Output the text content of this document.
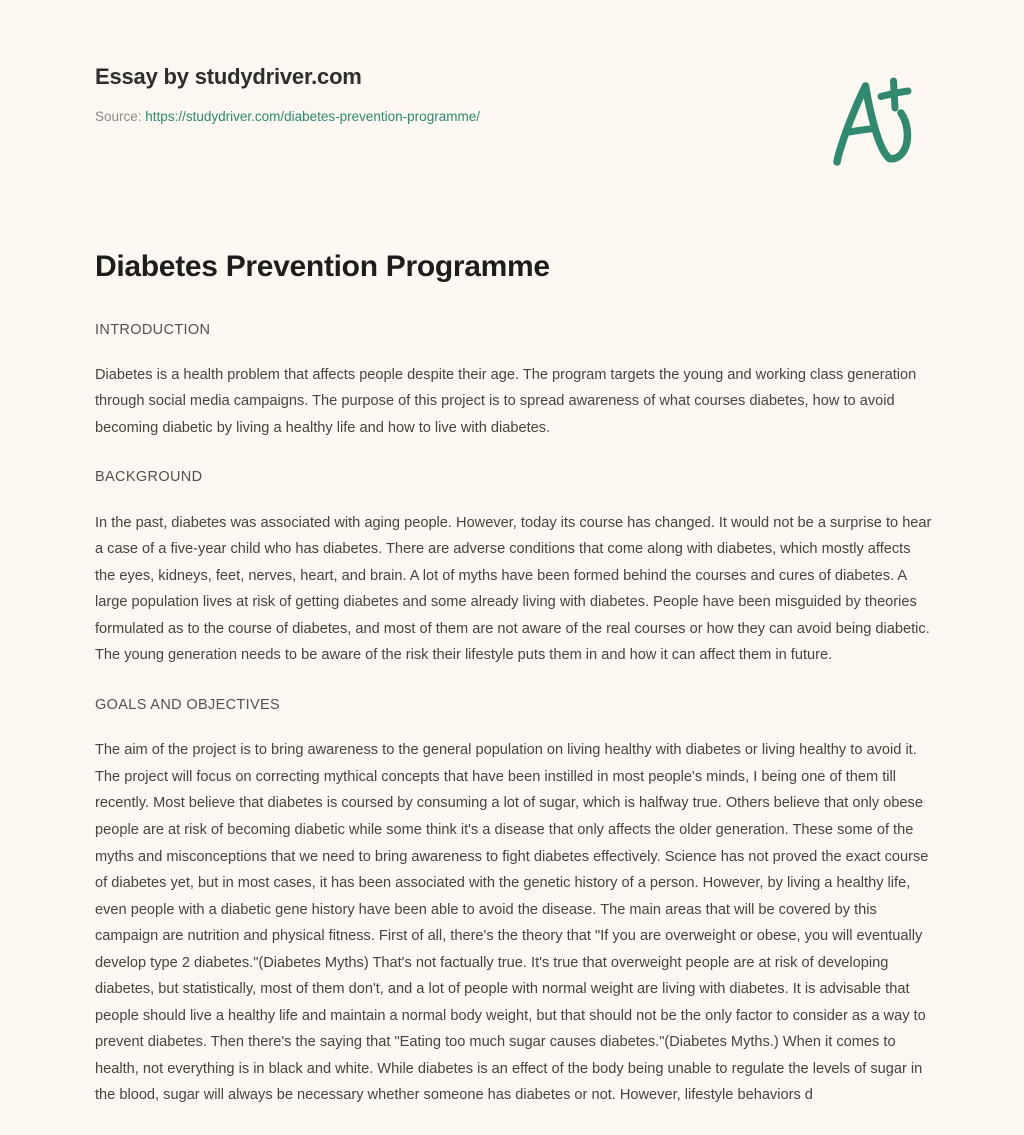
Essay by studydriver.com
Source: https://studydriver.com/diabetes-prevention-programme/
Diabetes Prevention Programme
INTRODUCTION

Diabetes is a health problem that affects people despite their age. The program targets the young and working class generation through social media campaigns. The purpose of this project is to spread awareness of what courses diabetes, how to avoid becoming diabetic by living a healthy life and how to live with diabetes.

BACKGROUND

In the past, diabetes was associated with aging people. However, today its course has changed. It would not be a surprise to hear a case of a five-year child who has diabetes. There are adverse conditions that come along with diabetes, which mostly affects the eyes, kidneys, feet, nerves, heart, and brain. A lot of myths have been formed behind the courses and cures of diabetes. A large population lives at risk of getting diabetes and some already living with diabetes. People have been misguided by theories formulated as to the course of diabetes, and most of them are not aware of the real courses or how they can avoid being diabetic. The young generation needs to be aware of the risk their lifestyle puts them in and how it can affect them in future.

GOALS AND OBJECTIVES

The aim of the project is to bring awareness to the general population on living healthy with diabetes or living healthy to avoid it. The project will focus on correcting mythical concepts that have been instilled in most people's minds, I being one of them till recently. Most believe that diabetes is coursed by consuming a lot of sugar, which is halfway true. Others believe that only obese people are at risk of becoming diabetic while some think it's a disease that only affects the older generation. These some of the myths and misconceptions that we need to bring awareness to fight diabetes effectively. Science has not proved the exact course of diabetes yet, but in most cases, it has been associated with the genetic history of a person. However, by living a healthy life, even people with a diabetic gene history have been able to avoid the disease. The main areas that will be covered by this campaign are nutrition and physical fitness. First of all, there's the theory that "If you are overweight or obese, you will eventually develop type 2 diabetes."(Diabetes Myths) That's not factually true. It's true that overweight people are at risk of developing diabetes, but statistically, most of them don't, and a lot of people with normal weight are living with diabetes. It is advisable that people should live a healthy life and maintain a normal body weight, but that should not be the only factor to consider as a way to prevent diabetes. Then there's the saying that "Eating too much sugar causes diabetes."(Diabetes Myths.) When it comes to health, not everything is in black and white. While diabetes is an effect of the body being unable to regulate the levels of sugar in the blood, sugar will always be necessary whether someone has diabetes or not. However, lifestyle behaviors d
